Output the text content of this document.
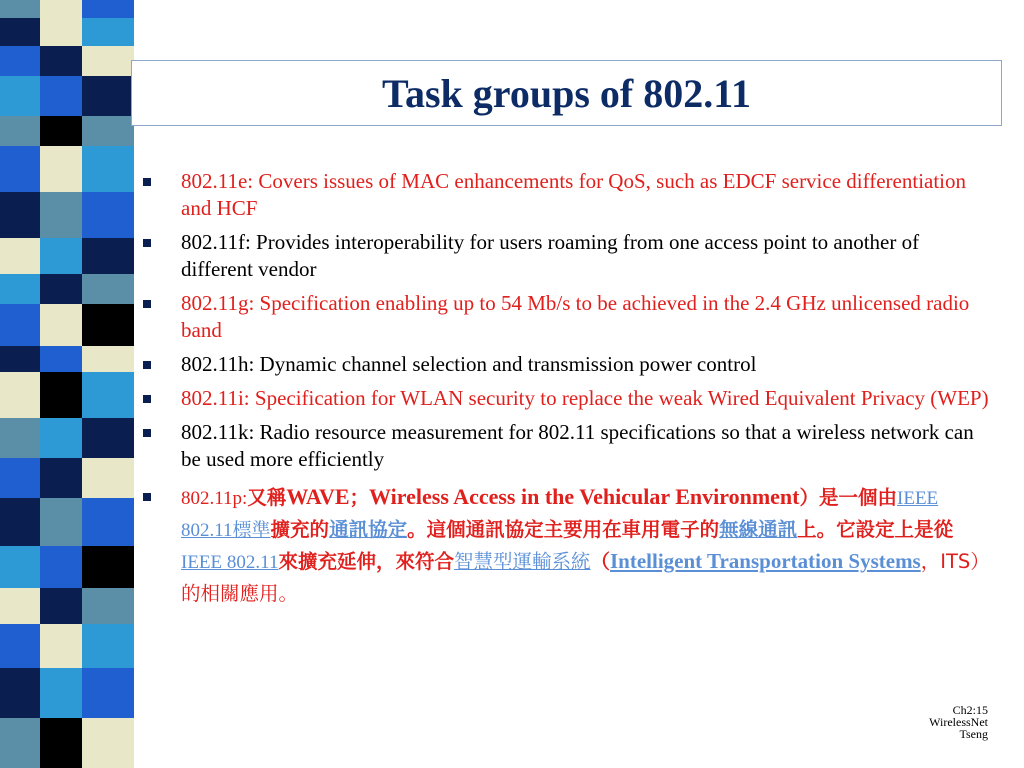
Task groups of 802.11
802.11e: Covers issues of MAC enhancements for QoS, such as EDCF service differentiation and HCF
802.11f: Provides interoperability for users roaming from one access point to another of different vendor
802.11g: Specification enabling up to 54 Mb/s to be achieved in the 2.4 GHz unlicensed radio band
802.11h: Dynamic channel selection and transmission power control
802.11i: Specification for WLAN security to replace the weak Wired Equivalent Privacy (WEP)
802.11k: Radio resource measurement for 802.11 specifications so that a wireless network can be used more efficiently
802.11p:又稱WAVE；Wireless Access in the Vehicular Environment）是一個由IEEE 802.11標準擴充的通訊協定。這個通訊協定主要用在車用電子的無線通訊上。它設定上是從IEEE 802.11來擴充延伸，來符合智慧型運輸系統（Intelligent Transportation Systems，ITS）的相關應用。
Ch2:15
WirelessNet
Tseng
